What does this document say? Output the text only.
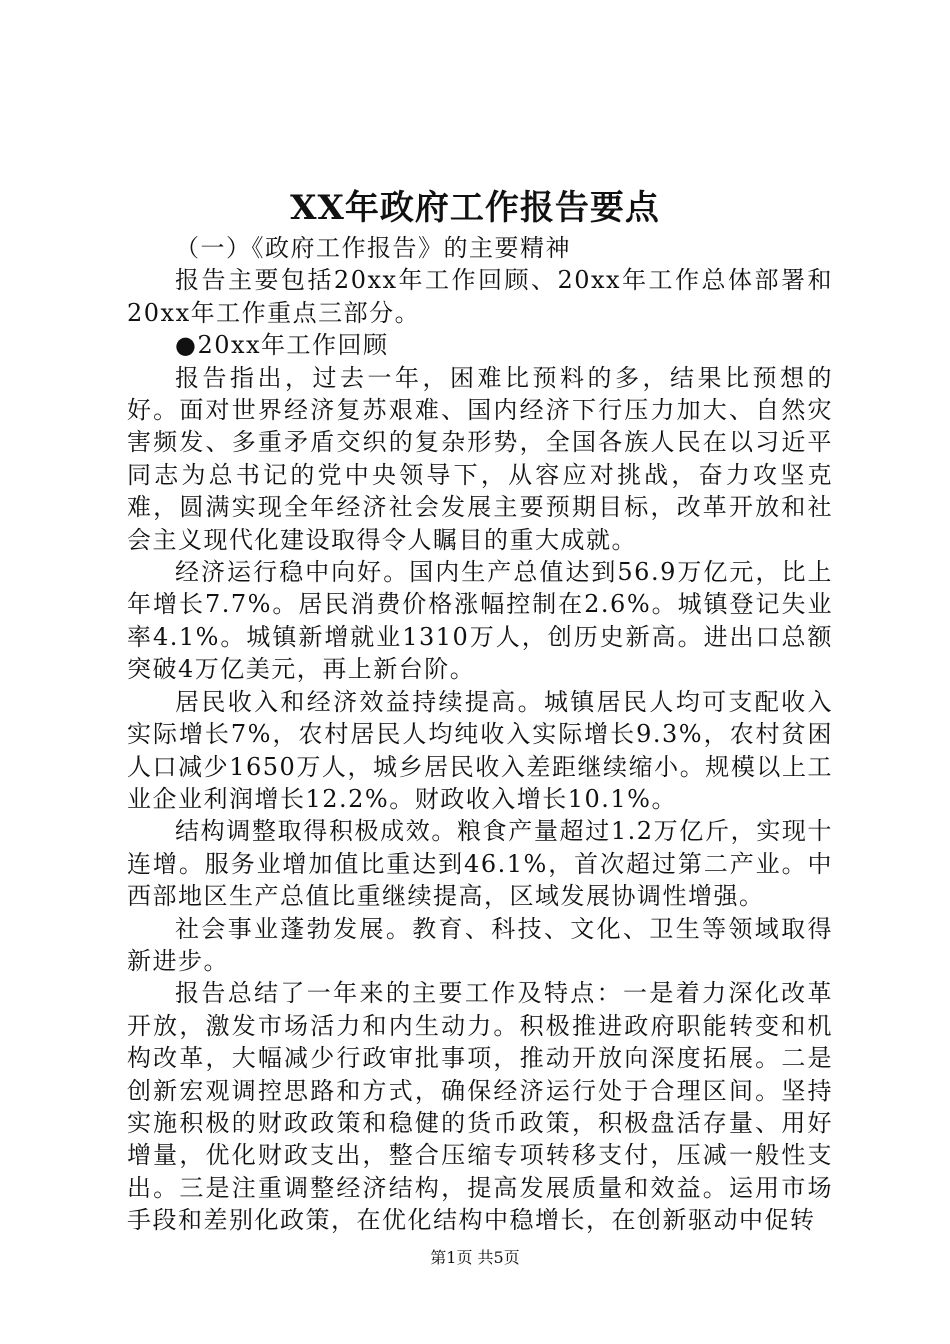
XX年政府工作报告要点

（一）《政府工作报告》的主要精神

报告主要包括20xx年工作回顾、20xx年工作总体部署和20xx年工作重点三部分。

●20xx年工作回顾

报告指出，过去一年，困难比预料的多，结果比预想的好。面对世界经济复苏艰难、国内经济下行压力加大、自然灾害频发、多重矛盾交织的复杂形势，全国各族人民在以习近平同志为总书记的党中央领导下，从容应对挑战，奋力攻坚克难，圆满实现全年经济社会发展主要预期目标，改革开放和社会主义现代化建设取得令人瞩目的重大成就。

经济运行稳中向好。国内生产总值达到56.9万亿元，比上年增长7.7%。居民消费价格涨幅控制在2.6%。城镇登记失业率4.1%。城镇新增就业1310万人，创历史新高。进出口总额突破4万亿美元，再上新台阶。

居民收入和经济效益持续提高。城镇居民人均可支配收入实际增长7%，农村居民人均纯收入实际增长9.3%，农村贫困人口减少1650万人，城乡居民收入差距继续缩小。规模以上工业企业利润增长12.2%。财政收入增长10.1%。

结构调整取得积极成效。粮食产量超过1.2万亿斤，实现十连增。服务业增加值比重达到46.1%，首次超过第二产业。中西部地区生产总值比重继续提高，区域发展协调性增强。

社会事业蓬勃发展。教育、科技、文化、卫生等领域取得新进步。

报告总结了一年来的主要工作及特点：一是着力深化改革开放，激发市场活力和内生动力。积极推进政府职能转变和机构改革，大幅减少行政审批事项，推动开放向深度拓展。二是创新宏观调控思路和方式，确保经济运行处于合理区间。坚持实施积极的财政政策和稳健的货币政策，积极盘活存量、用好增量，优化财政支出，整合压缩专项转移支付，压减一般性支出。三是注重调整经济结构，提高发展质量和效益。运用市场手段和差别化政策，在优化结构中稳增长，在创新驱动中促转

第1页 共5页
